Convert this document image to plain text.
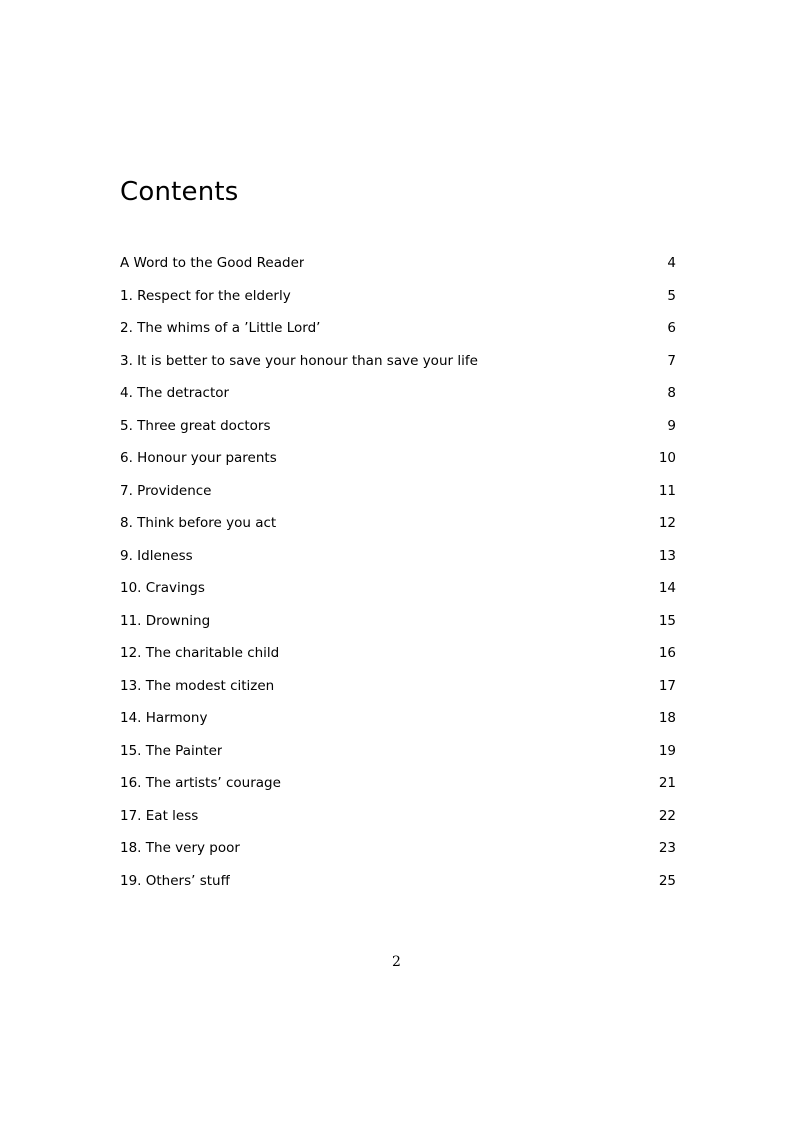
Contents
A Word to the Good Reader	4
1. Respect for the elderly	5
2. The whims of a ’Little Lord’	6
3. It is better to save your honour than save your life	7
4. The detractor	8
5. Three great doctors	9
6. Honour your parents	10
7. Providence	11
8. Think before you act	12
9. Idleness	13
10. Cravings	14
11. Drowning	15
12. The charitable child	16
13. The modest citizen	17
14. Harmony	18
15. The Painter	19
16. The artists’ courage	21
17. Eat less	22
18. The very poor	23
19. Others’ stuff	25
2
